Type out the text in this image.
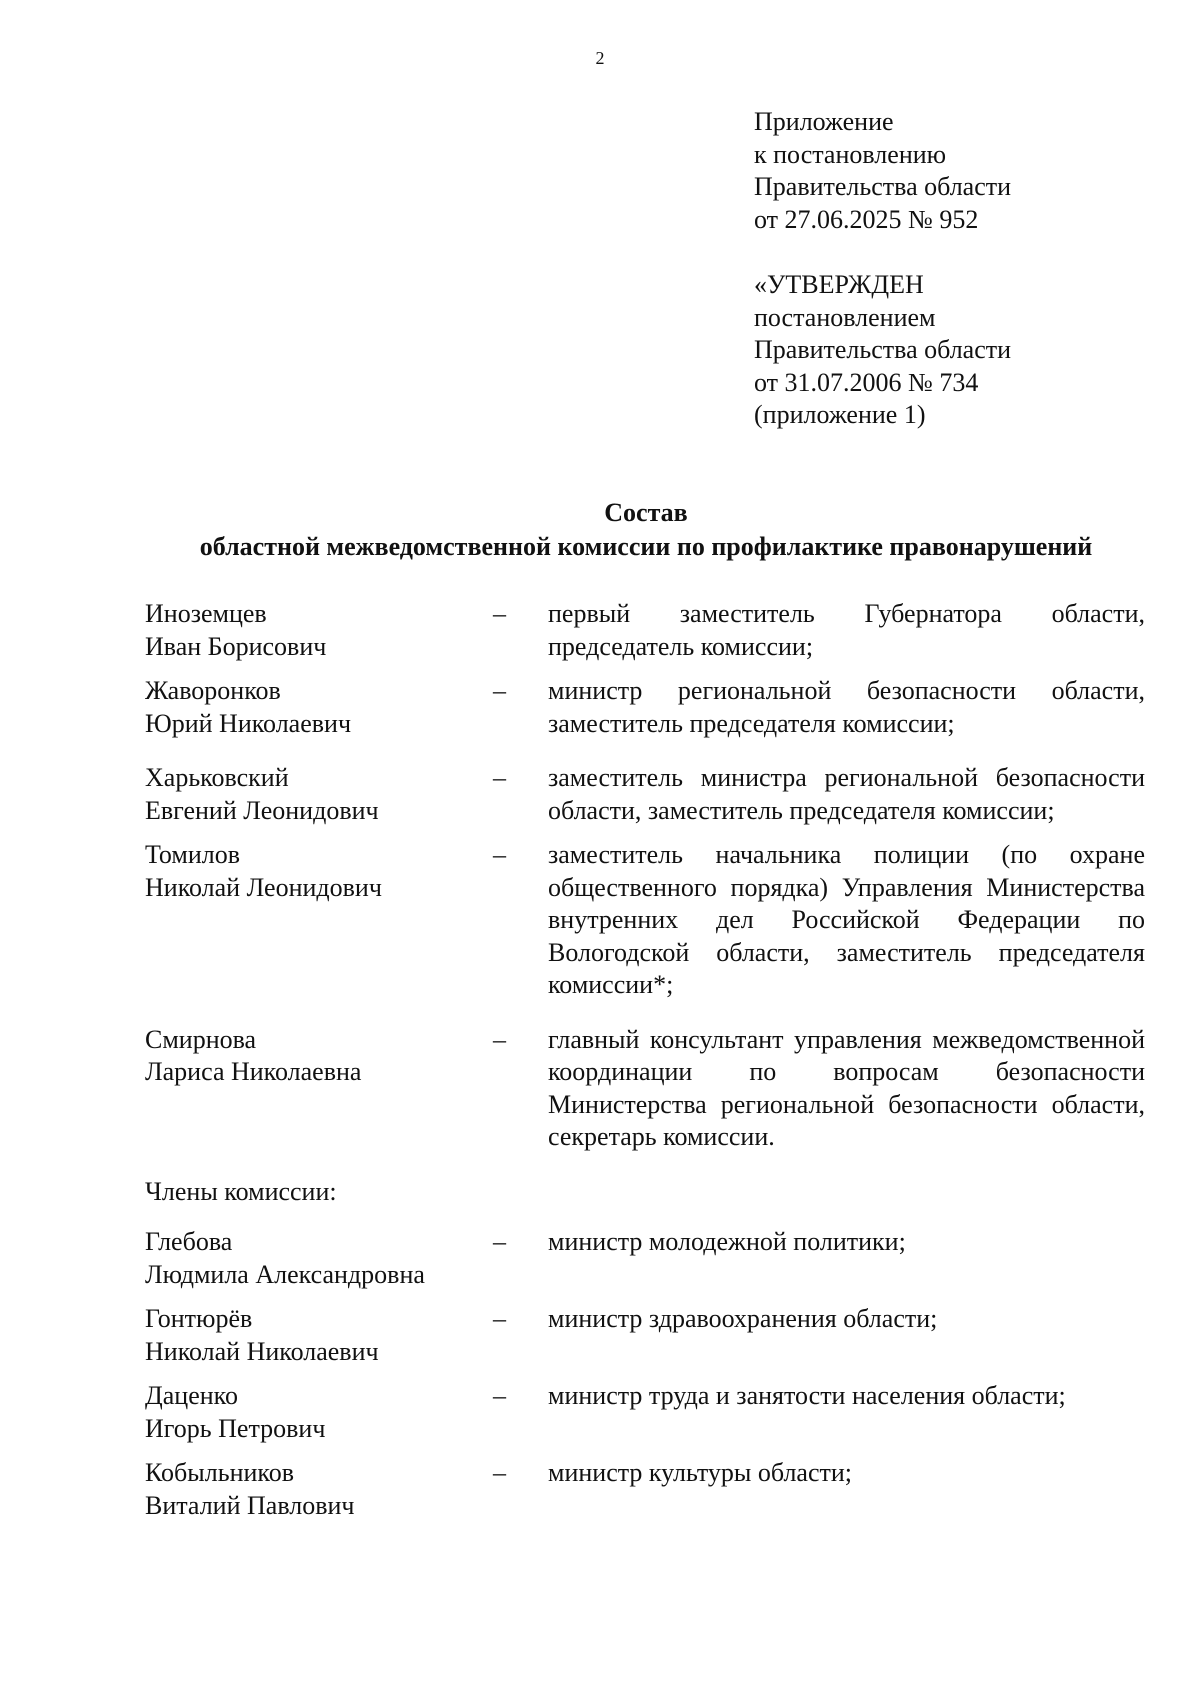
2
Приложение
к постановлению
Правительства области
от 27.06.2025 № 952
«УТВЕРЖДЕН
постановлением
Правительства области
от 31.07.2006 № 734
(приложение 1)
Состав
областной межведомственной комиссии по профилактике правонарушений
Иноземцев
Иван Борисович
–	первый заместитель Губернатора области, председатель комиссии;
Жаворонков
Юрий Николаевич
–	министр региональной безопасности области, заместитель председателя комиссии;
Харьковский
Евгений Леонидович
–	заместитель министра региональной безопасности области, заместитель председателя комиссии;
Томилов
Николай Леонидович
–	заместитель начальника полиции (по охране общественного порядка) Управления Министерства внутренних дел Российской Федерации по Вологодской области, заместитель председателя комиссии*;
Смирнова
Лариса Николаевна
–	главный консультант управления межведомственной координации по вопросам безопасности Министерства региональной безопасности области, секретарь комиссии.
Члены комиссии:
Глебова
Людмила Александровна
–	министр молодежной политики;
Гонтюрёв
Николай Николаевич
–	министр здравоохранения области;
Даценко
Игорь Петрович
–	министр труда и занятости населения области;
Кобыльников
Виталий Павлович
–	министр культуры области;
